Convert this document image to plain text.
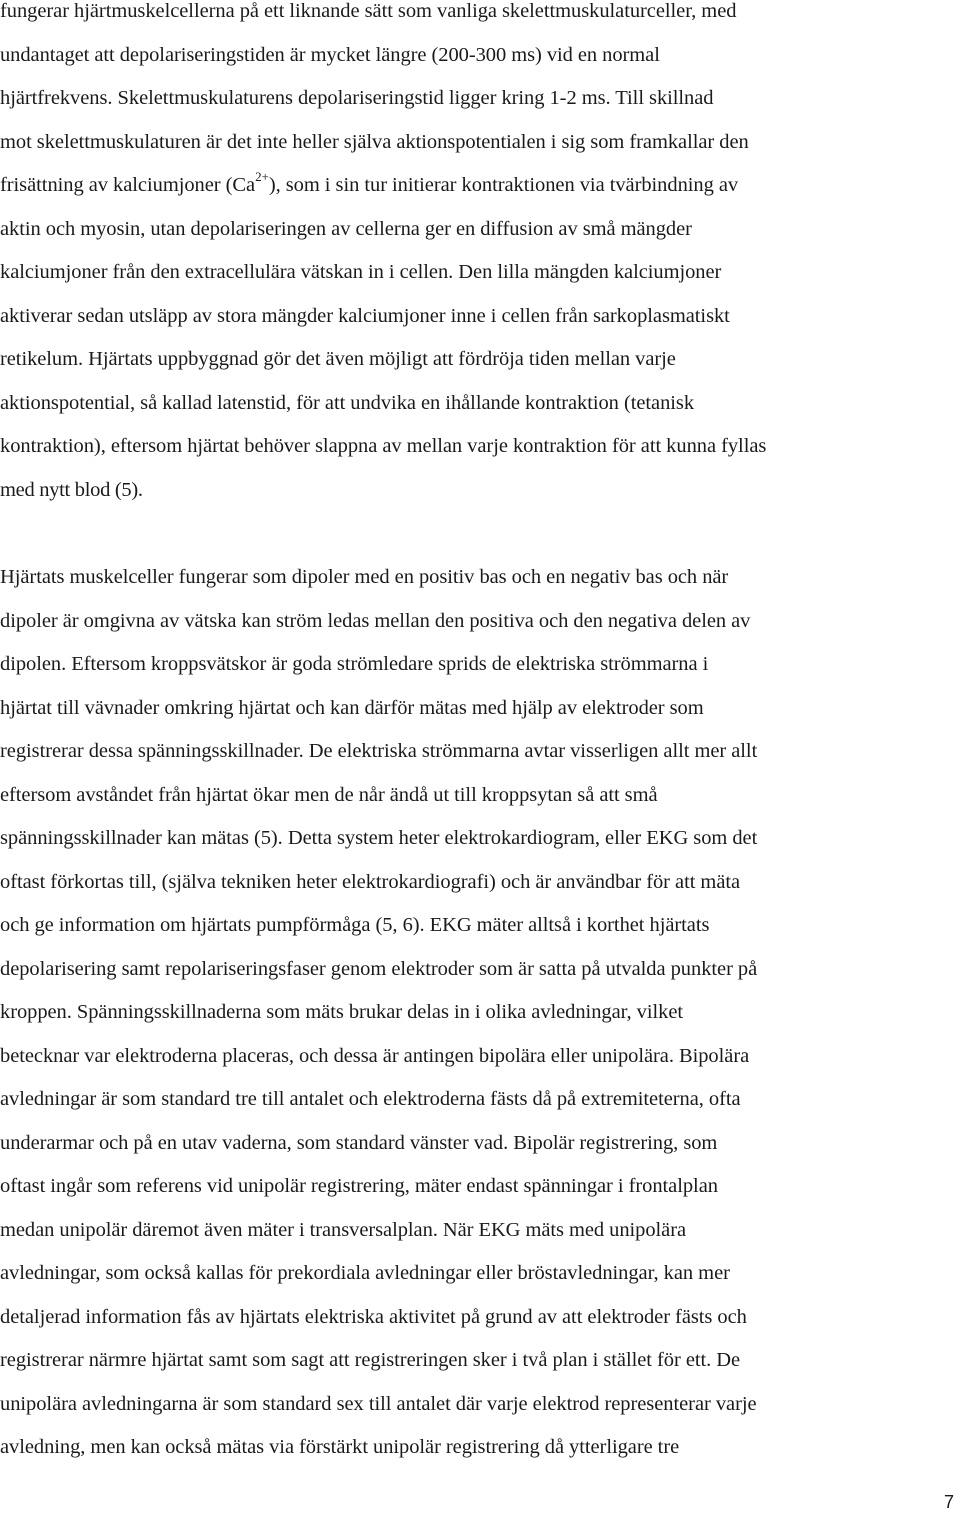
fungerar hjärtmuskelcellerna på ett liknande sätt som vanliga skelettmuskulaturceller, med
undantaget att depolariseringstiden är mycket längre (200-300 ms) vid en normal
hjärtfrekvens. Skelettmuskulaturens depolariseringstid ligger kring 1-2 ms. Till skillnad
mot skelettmuskulaturen är det inte heller själva aktionspotentialen i sig som framkallar den
frisättning av kalciumjoner $(Ca^{2+})$, som i sin tur initierar kontraktionen via tvärbindning av
aktin och myosin, utan depolariseringen av cellerna ger en diffusion av små mängder
kalciumjoner från den extracellulära vätskan in i cellen. Den lilla mängden kalciumjoner
aktiverar sedan utsläpp av stora mängder kalciumjoner inne i cellen från sarkoplasmatiskt
retikelum. Hjärtats uppbyggnad gör det även möjligt att fördröja tiden mellan varje
aktionspotential, så kallad latenstid, för att undvika en ihållande kontraktion (tetanisk
kontraktion), eftersom hjärtat behöver slappna av mellan varje kontraktion för att kunna fyllas
med nytt blod (5).
Hjärtats muskelceller fungerar som dipoler med en positiv bas och en negativ bas och när
dipoler är omgivna av vätska kan ström ledas mellan den positiva och den negativa delen av
dipolen. Eftersom kroppsvätskor är goda strömledare sprids de elektriska strömmarna i
hjärtat till vävnader omkring hjärtat och kan därför mätas med hjälp av elektroder som
registrerar dessa spänningsskillnader. De elektriska strömmarna avtar visserligen allt mer allt
eftersom avståndet från hjärtat ökar men de når ändå ut till kroppsytan så att små
spänningsskillnader kan mätas (5). Detta system heter elektrokardiogram, eller EKG som det
oftast förkortas till, (själva tekniken heter elektrokardiografi) och är användbar för att mäta
och ge information om hjärtats pumpförmåga (5, 6). EKG mäter alltså i korthet hjärtats
depolarisering samt repolariseringsfaser genom elektroder som är satta på utvalda punkter på
kroppen. Spänningsskillnaderna som mäts brukar delas in i olika avledningar, vilket
betecknar var elektroderna placeras, och dessa är antingen bipolära eller unipolära. Bipolära
avledningar är som standard tre till antalet och elektroderna fästs då på extremiteterna, ofta
underarmar och på en utav vaderna, som standard vänster vad. Bipolär registrering, som
oftast ingår som referens vid unipolär registrering, mäter endast spänningar i frontalplan
medan unipolär däremot även mäter i transversalplan. När EKG mäts med unipolära
avledningar, som också kallas för prekordiala avledningar eller bröstavledningar, kan mer
detaljerad information fås av hjärtats elektriska aktivitet på grund av att elektroder fästs och
registrerar närmre hjärtat samt som sagt att registreringen sker i två plan i stället för ett. De
unipolära avledningarna är som standard sex till antalet där varje elektrod representerar varje
avledning, men kan också mätas via förstärkt unipolär registrering då ytterligare tre
7
